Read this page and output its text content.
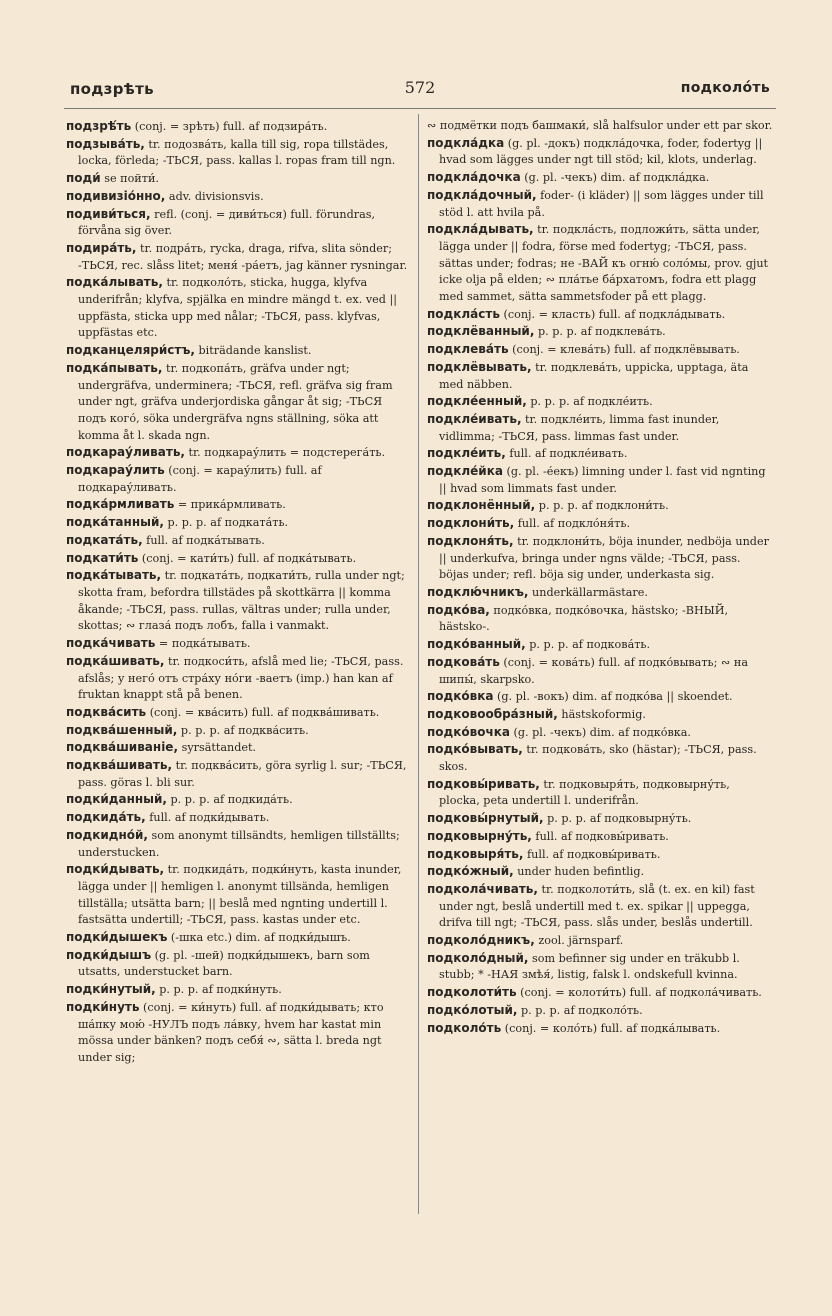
подзрѣть	572	подколо́ть

подзрѣ́ть (conj. = зрѣть) full. af подзира́ть.

подзыва́ть, tr. подозва́ть, kalla till sig, ropa tillstädes, locka, förleda; -ТЬСЯ, pass. kallas l. ropas fram till ngn.

поди́ se пойти́.

подивизіо́нно, adv. divisionsvis.

подиви́ться, refl. (conj. = диви́ться) full. förundras, förvåna sig över.

подира́ть, tr. подра́ть, rycka, draga, rifva, slita sönder; -ТЬСЯ, rec. slåss litet; меня́ -ра́етъ, jag känner rysningar.

подка́лывать, tr. подколо́ть, sticka, hugga, klyfva underifrån; klyfva, spjälka en mindre mängd t. ex. ved || uppfästa, sticka upp med nålar; -ТЬСЯ, pass. klyfvas, uppfästas etc.

подканцеляри́стъ, biträdande kanslist.

подка́пывать, tr. подкопа́ть, gräfva under ngt; undergräfva, underminera; -ТЬСЯ, refl. gräfva sig fram under ngt, gräfva underjordiska gångar åt sig; -ТЬСЯ подъ кого́, söka undergräfva ngns ställning, söka att komma åt l. skada ngn.

подкарау́ливать, tr. подкарау́лить = подстерега́ть.

подкарау́лить (conj. = карау́лить) full. af подкарау́ливать.

подка́рмливать = прика́рмливать.

подка́танный, p. p. p. af подката́ть.

подката́ть, full. af подка́тывать.

подкати́ть (conj. = кати́ть) full. af подка́тывать.

подка́тывать, tr. подката́ть, подкати́ть, rulla under ngt; skotta fram, befordra tillstädes på skottkärra || komma åkande; -ТЬСЯ, pass. rullas, vältras under; rulla under, skottas; ∾ глаза́ подъ лобъ, falla i vanmakt.

подка́чивать = подка́тывать.

подка́шивать, tr. подкоси́ть, afslå med lie; -ТЬСЯ, pass. afslås; у него́ отъ стра́ху но́ги -ваетъ (imp.) han kan af fruktan knappt stå på benen.

подква́сить (conj. = ква́сить) full. af подква́шивать.

подква́шенный, p. p. p. af подква́сить.

подква́шиваніе, syrsättandet.

подква́шивать, tr. подква́сить, göra syrlig l. sur; -ТЬСЯ, pass. göras l. bli sur.

подки́данный, p. p. p. af подкида́ть.

подкида́ть, full. af подки́дывать.

подкидно́й, som anonymt tillsändts, hemligen tillställts; understucken.

подки́дывать, tr. подкида́ть, подки́нуть, kasta inunder, lägga under || hemligen l. anonymt tillsända, hemligen tillställa; utsätta barn; || beslå med ngnting undertill l. fastsätta undertill; -ТЬСЯ, pass. kastas under etc.

подки́дышекъ (-шка etc.) dim. af подки́дышъ.

подки́дышъ (g. pl. -шей) подки́дышекъ, barn som utsatts, understucket barn.

подки́нутый, p. p. p. af подки́нуть.

подки́нуть (conj. = ки́нуть) full. af подки́дывать; кто ша́пку мою́ -НУЛЪ подъ ла́вку, hvem har kastat min mössa under bänken? подъ себя́ ∾, sätta l. breda ngt under sig;

∾ подмётки подъ башмаки́, slå halfsulor under ett par skor.

подкла́дка (g. pl. -докъ) подкла́дочка, foder, fodertyg || hvad som lägges under ngt till stöd; kil, klots, underlag.

подкла́дочка (g. pl. -чекъ) dim. af подкла́дка.

подкла́дочный, foder- (i kläder) || som lägges under till stöd l. att hvila på.

подкла́дывать, tr. подкла́сть, подложи́ть, sätta under, lägga under || fodra, förse med fodertyg; -ТЬСЯ, pass. sättas under; fodras; не -ВАЙ къ огню́ соло́мы, prov. gjut icke olja på elden; ∾ пла́тье ба́рхатомъ, fodra ett plagg med sammet, sätta sammetsfoder på ett plagg.

подкла́сть (conj. = класть) full. af подкла́дывать.

подклёванный, p. p. p. af подклева́ть.

подклева́ть (conj. = клева́ть) full. af подклёвывать.

подклёвывать, tr. подклева́ть, uppicka, upptaga, äta med näbben.

подкле́енный, p. p. p. af подкле́ить.

подкле́ивать, tr. подкле́ить, limma fast inunder, vidlimma; -ТЬСЯ, pass. limmas fast under.

подкле́ить, full. af подкле́ивать.

подкле́йка (g. pl. -е́екъ) limning under l. fast vid ngnting || hvad som limmats fast under.

подклонённый, p. p. p. af подклони́ть.

подклони́ть, full. af подкло́ня́ть.

подклоня́ть, tr. подклони́ть, böja inunder, nedböja under || underkufva, bringa under ngns välde; -ТЬСЯ, pass. böjas under; refl. böja sig under, underkasta sig.

подклю́чникъ, underkällarmästare.

подко́ва, подко́вка, подко́вочка, hästsko; -ВНЫЙ, hästsko-.

подко́ванный, p. p. p. af подкова́ть.

подкова́ть (conj. = кова́ть) full. af подко́вывать; ∾ на шипы́, skarpsko.

подко́вка (g. pl. -вокъ) dim. af подко́ва || skoendet.

подковообра́зный, hästskoformig.

подко́вочка (g. pl. -чекъ) dim. af подко́вка.

подко́вывать, tr. подкова́ть, sko (hästar); -ТЬСЯ, pass. skos.

подковы́ривать, tr. подковыря́ть, подковырну́ть, plocka, peta undertill l. underifrån.

подковы́рнутый, p. p. p. af подковырну́ть.

подковырну́ть, full. af подковы́ривать.

подковыря́ть, full. af подковы́ривать.

подко́жный, under huden befintlig.

подкола́чивать, tr. подколоти́ть, slå (t. ex. en kil) fast under ngt, beslå undertill med t. ex. spikar || uppegga, drifva till ngt; -ТЬСЯ, pass. slås under, beslås undertill.

подколо́дникъ, zool. järnsparf.

подколо́дный, som befinner sig under en träkubb l. stubb; * -НАЯ змѣя́, listig, falsk l. ondskefull kvinna.

подколоти́ть (conj. = колоти́ть) full. af подкола́чивать.

подко́лотый, p. p. p. af подколо́ть.

подколо́ть (conj. = коло́ть) full. af подка́лывать.
